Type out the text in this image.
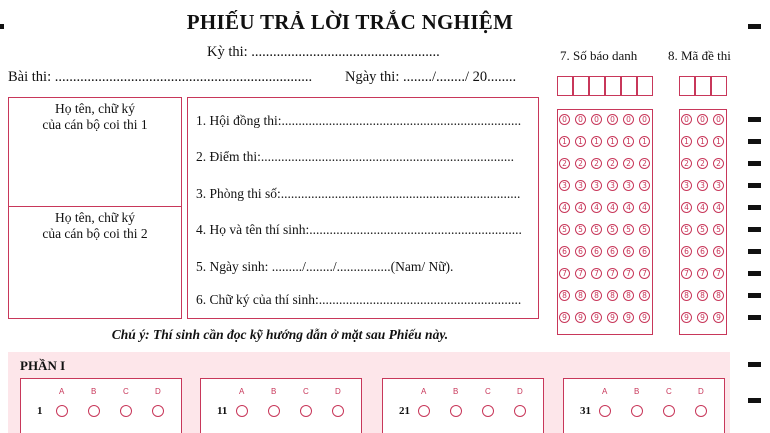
PHIẾU TRẢ LỜI TRẮC NGHIỆM
Kỳ thi: ....................................................
Bài thi: ....................................................................... Ngày thi: ......../......../ 20........
7. Số báo danh 8. Mã đề thi
Họ tên, chữ ký
của cán bộ coi thi 1
Họ tên, chữ ký
của cán bộ coi thi 2
1. Hội đồng thi:.......................................................................
2. Điểm thi:...........................................................................
3. Phòng thi số:.......................................................................
4. Họ và tên thí sinh:...............................................................
5. Ngày sinh: ........./......../................(Nam/ Nữ).
6. Chữ ký của thí sinh:............................................................
0	0	0	0	0	0
1	1	1	1	1	1
2	2	2	2	2	2
3	3	3	3	3	3
4	4	4	4	4	4
5	5	5	5	5	5
6	6	6	6	6	6
7	7	7	7	7	7
8	8	8	8	8	8
9	9	9	9	9	9
0	0	0
1	1	1
2	2	2
3	3	3
4	4	4
5	5	5
6	6	6
7	7	7
8	8	8
9	9	9
Chú ý: Thí sinh cần đọc kỹ hướng dẫn ở mặt sau Phiếu này.
PHẦN I
A	B	C	D
1
A	B	C	D
11
A	B	C	D
21
A	B	C	D
31
